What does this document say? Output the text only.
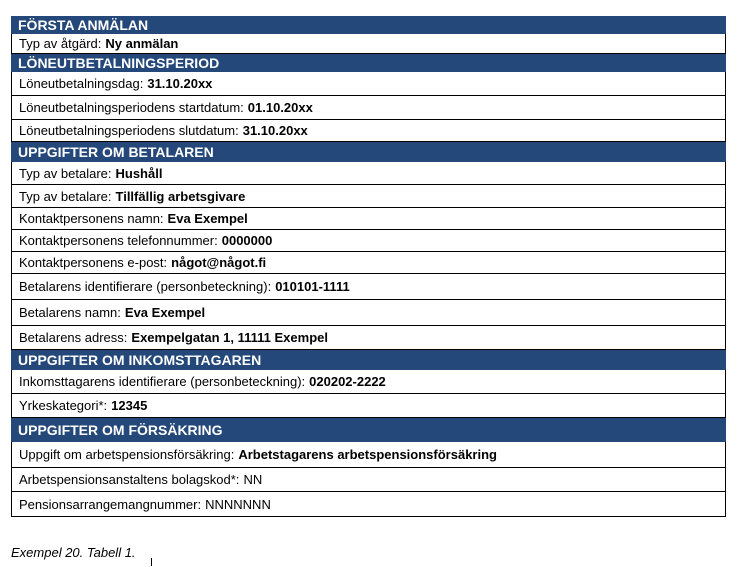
FÖRSTA ANMÄLAN
Typ av åtgärd: Ny anmälan
LÖNEUTBETALNINGSPERIOD
Löneutbetalningsdag: 31.10.20xx
Löneutbetalningsperiodens startdatum: 01.10.20xx
Löneutbetalningsperiodens slutdatum: 31.10.20xx
UPPGIFTER OM BETALAREN
Typ av betalare: Hushåll
Typ av betalare: Tillfällig arbetsgivare
Kontaktpersonens namn: Eva Exempel
Kontaktpersonens telefonnummer: 0000000
Kontaktpersonens e-post: något@något.fi
Betalarens identifierare (personbeteckning): 010101-1111
Betalarens namn: Eva Exempel
Betalarens adress: Exempelgatan 1, 11111 Exempel
UPPGIFTER OM INKOMSTTAGAREN
Inkomsttagarens identifierare (personbeteckning): 020202-2222
Yrkeskategori*: 12345
UPPGIFTER OM FÖRSÄKRING
Uppgift om arbetspensionsförsäkring: Arbetstagarens arbetspensionsförsäkring
Arbetspensionsanstaltens bolagskod*: NN
Pensionsarrangemangnummer: NNNNNNN
Exempel 20. Tabell 1.
